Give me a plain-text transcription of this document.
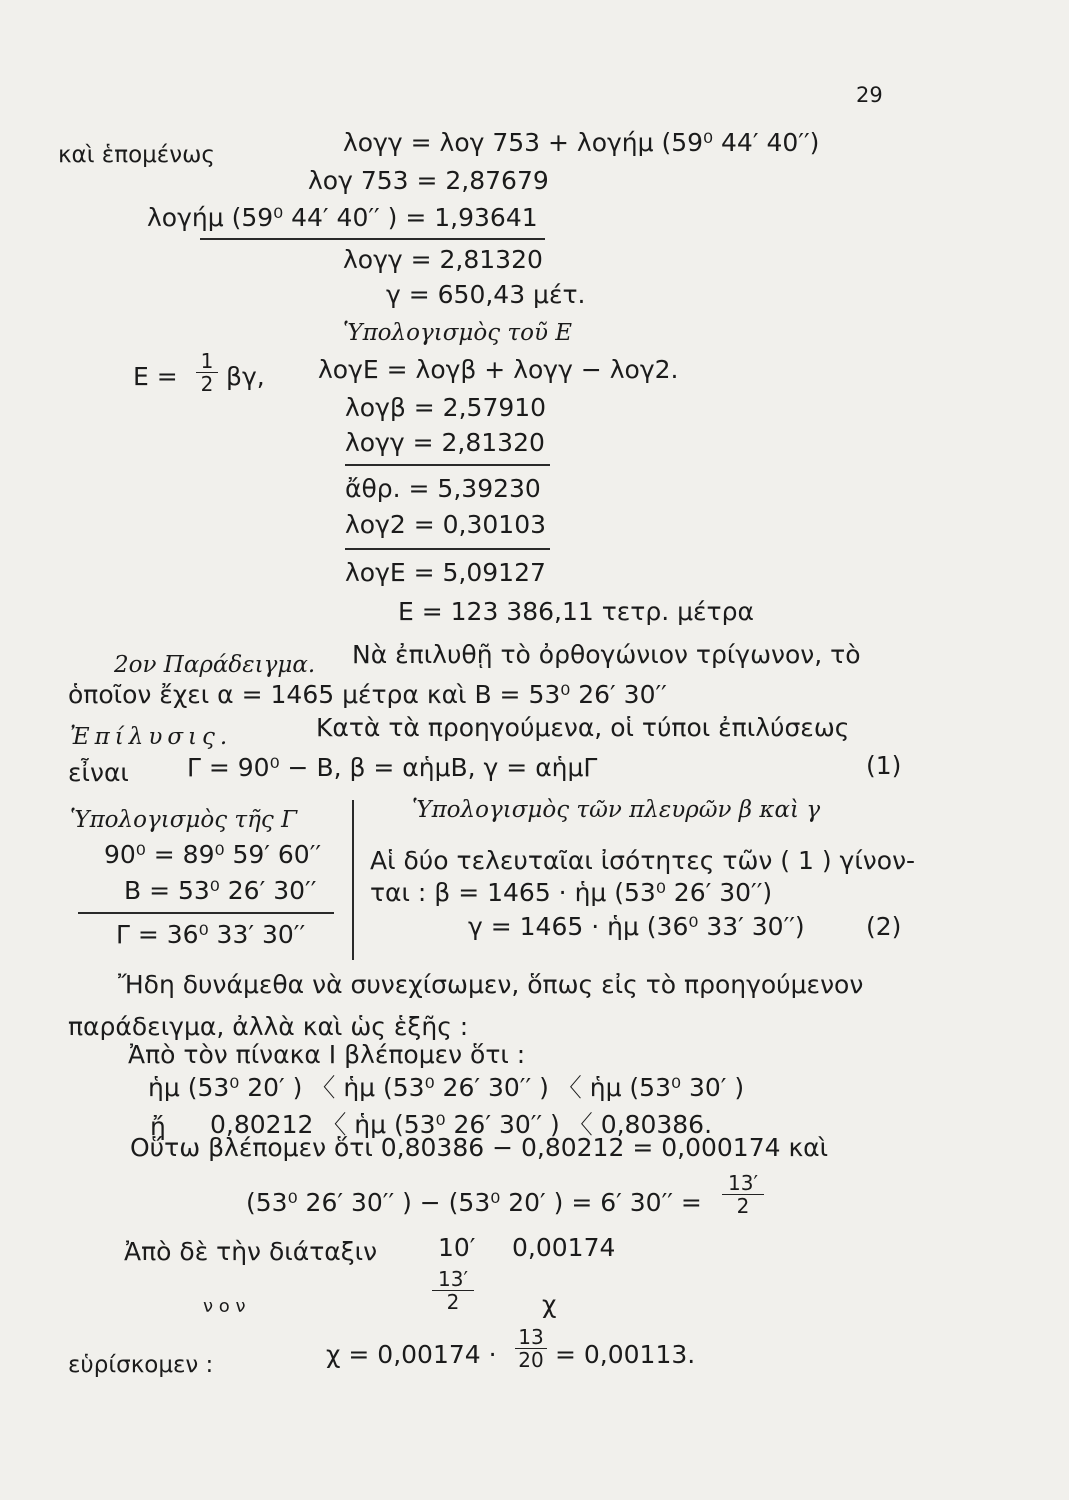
29
καὶ ἑπομένως	λογγ = λογ 753 + λογήμ (59⁰ 44′ 40′′)
λογ 753 = 2,87679
λογήμ (59⁰ 44′ 40′′ ) = 1,93641
λογγ = 2,81320
γ = 650,43 μέτ.
Ὑπολογισμὸς τοῦ Ε
$E = \frac{1}{2} \beta\gamma$, λογΕ = λογβ + λογγ − λογ2.
λογβ = 2,57910
λογγ = 2,81320
ἄθρ. = 5,39230
λογ2 = 0,30103
λογΕ = 5,09127
Ε = 123 386,11 τετρ. μέτρα
2ον Παράδειγμα. Νὰ ἐπιλυθῇ τὸ ὀρθογώνιον τρίγωνον, τὸ
ὁποῖον ἔχει α = 1465 μέτρα καὶ Β = 53⁰ 26′ 30′′
Ἐπίλυσις.	Κατὰ τὰ προηγούμενα, οἱ τύποι ἐπιλύσεως
εἶναι Γ = 90⁰ − Β, β = αἡμΒ, γ = αἡμΓ	(1)
Ὑπολογισμὸς τῆς Γ	Ὑπολογισμὸς τῶν πλευρῶν β καὶ γ
90⁰ = 89⁰ 59′ 60′′ Αἱ δύο τελευταῖαι ἰσότητες τῶν ( 1 ) γίνον-
Β = 53⁰ 26′ 30′′ ται : β = 1465 · ἡμ (53⁰ 26′ 30′′)
Γ = 36⁰ 33′ 30′′	γ = 1465 · ἡμ (36⁰ 33′ 30′′) (2)
Ἤδη δυνάμεθα νὰ συνεχίσωμεν, ὅπως εἰς τὸ προηγούμενον
παράδειγμα, ἀλλὰ καὶ ὡς ἑξῆς :
Ἀπὸ τὸν πίνακα Ι βλέπομεν ὅτι :
ἡμ (53⁰ 20′ ) 〈 ἡμ (53⁰ 26′ 30′′ ) 〈 ἡμ (53⁰ 30′ )
ἤ 0,80212 〈 ἡμ (53⁰ 26′ 30′′ ) 〈 0,80386.
Οὕτω βλέπομεν ὅτι 0,80386 − 0,80212 = 0,000174 καὶ
(53⁰ 26′ 30′′ ) − (53⁰ 20′ ) = 6′ $30'' = \frac{13'}{2}$
Ἀπὸ δὲ τὴν διάταξιν 10′ 0,00174
ν ο ν	$\frac{13'}{2}$	χ
εὑρίσκομεν :	$\chi = 0,00174 \cdot \frac{13}{20} = 0,00113$.
